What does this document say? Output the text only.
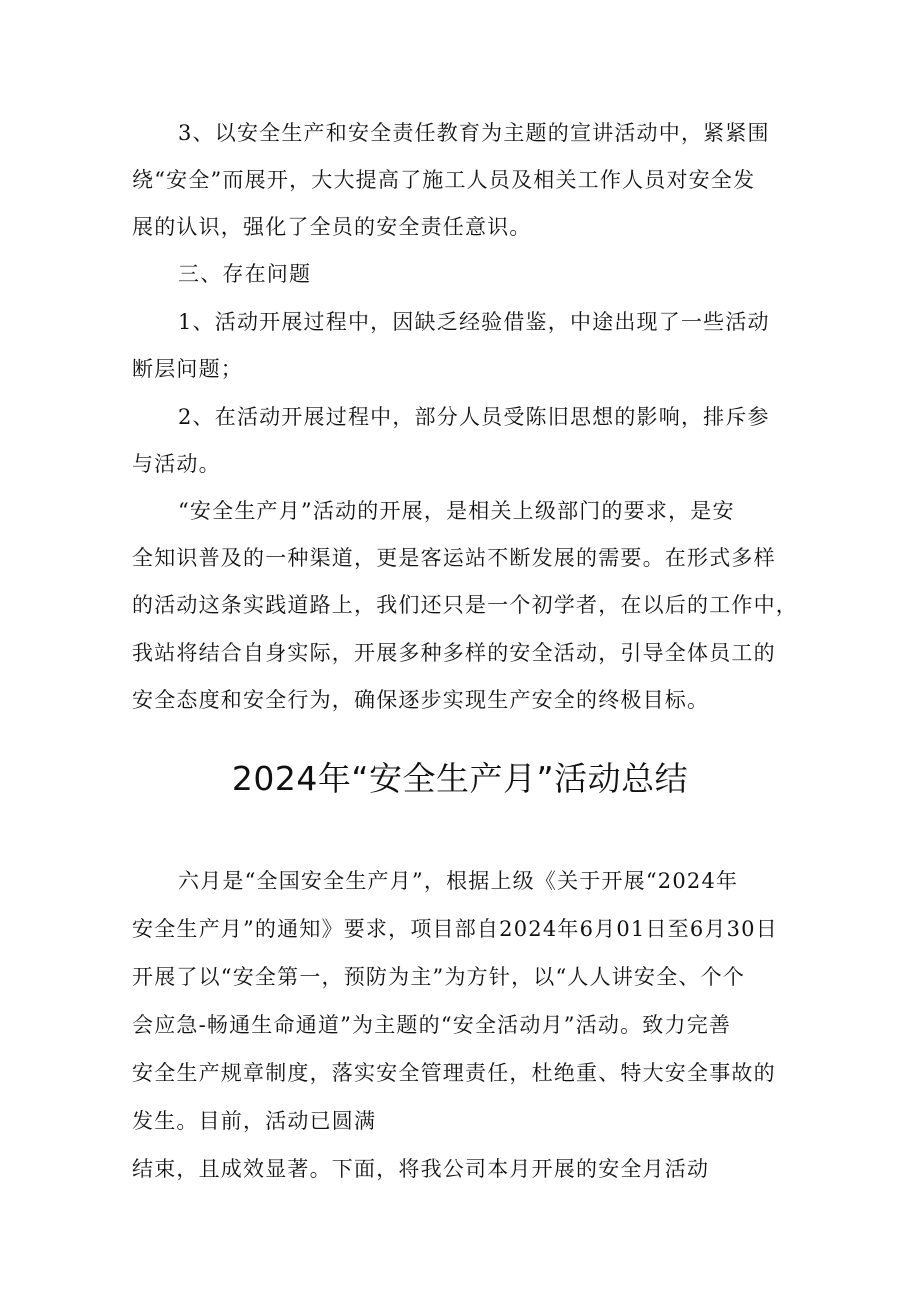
3、以安全生产和安全责任教育为主题的宣讲活动中，紧紧围
绕“安全”而展开，大大提高了施工人员及相关工作人员对安全发
展的认识，强化了全员的安全责任意识。
三、存在问题
1、活动开展过程中，因缺乏经验借鉴，中途出现了一些活动
断层问题；
2、在活动开展过程中，部分人员受陈旧思想的影响，排斥参
与活动。
“安全生产月”活动的开展，是相关上级部门的要求，是安
全知识普及的一种渠道，更是客运站不断发展的需要。在形式多样
的活动这条实践道路上，我们还只是一个初学者，在以后的工作中，
我站将结合自身实际，开展多种多样的安全活动，引导全体员工的
安全态度和安全行为，确保逐步实现生产安全的终极目标。
2024年“安全生产月”活动总结
六月是“全国安全生产月”，根据上级《关于开展“2024年
安全生产月”的通知》要求，项目部自2024年6月01日至6月30日
开展了以“安全第一，预防为主”为方针，以“人人讲安全、个个
会应急-畅通生命通道”为主题的“安全活动月”活动。致力完善
安全生产规章制度，落实安全管理责任，杜绝重、特大安全事故的
发生。目前，活动已圆满
结束，且成效显著。下面，将我公司本月开展的安全月活动
